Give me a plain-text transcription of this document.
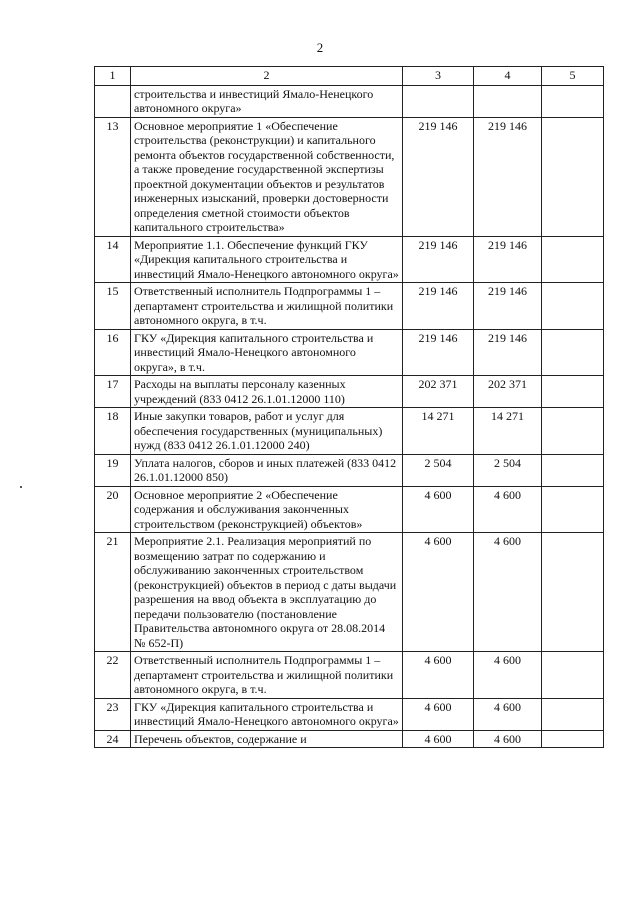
2
1	2	3	4	5
	строительства и инвестиций Ямало-Ненецкого автономного округа»			
13	Основное мероприятие 1 «Обеспечение строительства (реконструкции) и капитального ремонта объектов государственной собственности, а также проведение государственной экспертизы проектной документации объектов и результатов инженерных изысканий, проверки достоверности определения сметной стоимости объектов капитального строительства»	219 146	219 146	
14	Мероприятие 1.1. Обеспечение функций ГКУ «Дирекция капитального строительства и инвестиций Ямало-Ненецкого автономного округа»	219 146	219 146	
15	Ответственный исполнитель Подпрограммы 1 – департамент строительства и жилищной политики автономного округа, в т.ч.	219 146	219 146	
16	ГКУ «Дирекция капитального строительства и инвестиций Ямало-Ненецкого автономного округа», в т.ч.	219 146	219 146	
17	Расходы на выплаты персоналу казенных учреждений (833 0412 26.1.01.12000 110)	202 371	202 371	
18	Иные закупки товаров, работ и услуг для обеспечения государственных (муниципальных) нужд (833 0412 26.1.01.12000 240)	14 271	14 271	
19	Уплата налогов, сборов и иных платежей (833 0412 26.1.01.12000 850)	2 504	2 504	
20	Основное мероприятие 2 «Обеспечение содержания и обслуживания законченных строительством (реконструкцией) объектов»	4 600	4 600	
21	Мероприятие 2.1. Реализация мероприятий по возмещению затрат по содержанию и обслуживанию законченных строительством (реконструкцией) объектов в период с даты выдачи разрешения на ввод объекта в эксплуатацию до передачи пользователю (постановление Правительства автономного округа от 28.08.2014 № 652-П)	4 600	4 600	
22	Ответственный исполнитель Подпрограммы 1 – департамент строительства и жилищной политики автономного округа, в т.ч.	4 600	4 600	
23	ГКУ «Дирекция капитального строительства и инвестиций Ямало-Ненецкого автономного округа»	4 600	4 600	
24	Перечень объектов, содержание и	4 600	4 600	
